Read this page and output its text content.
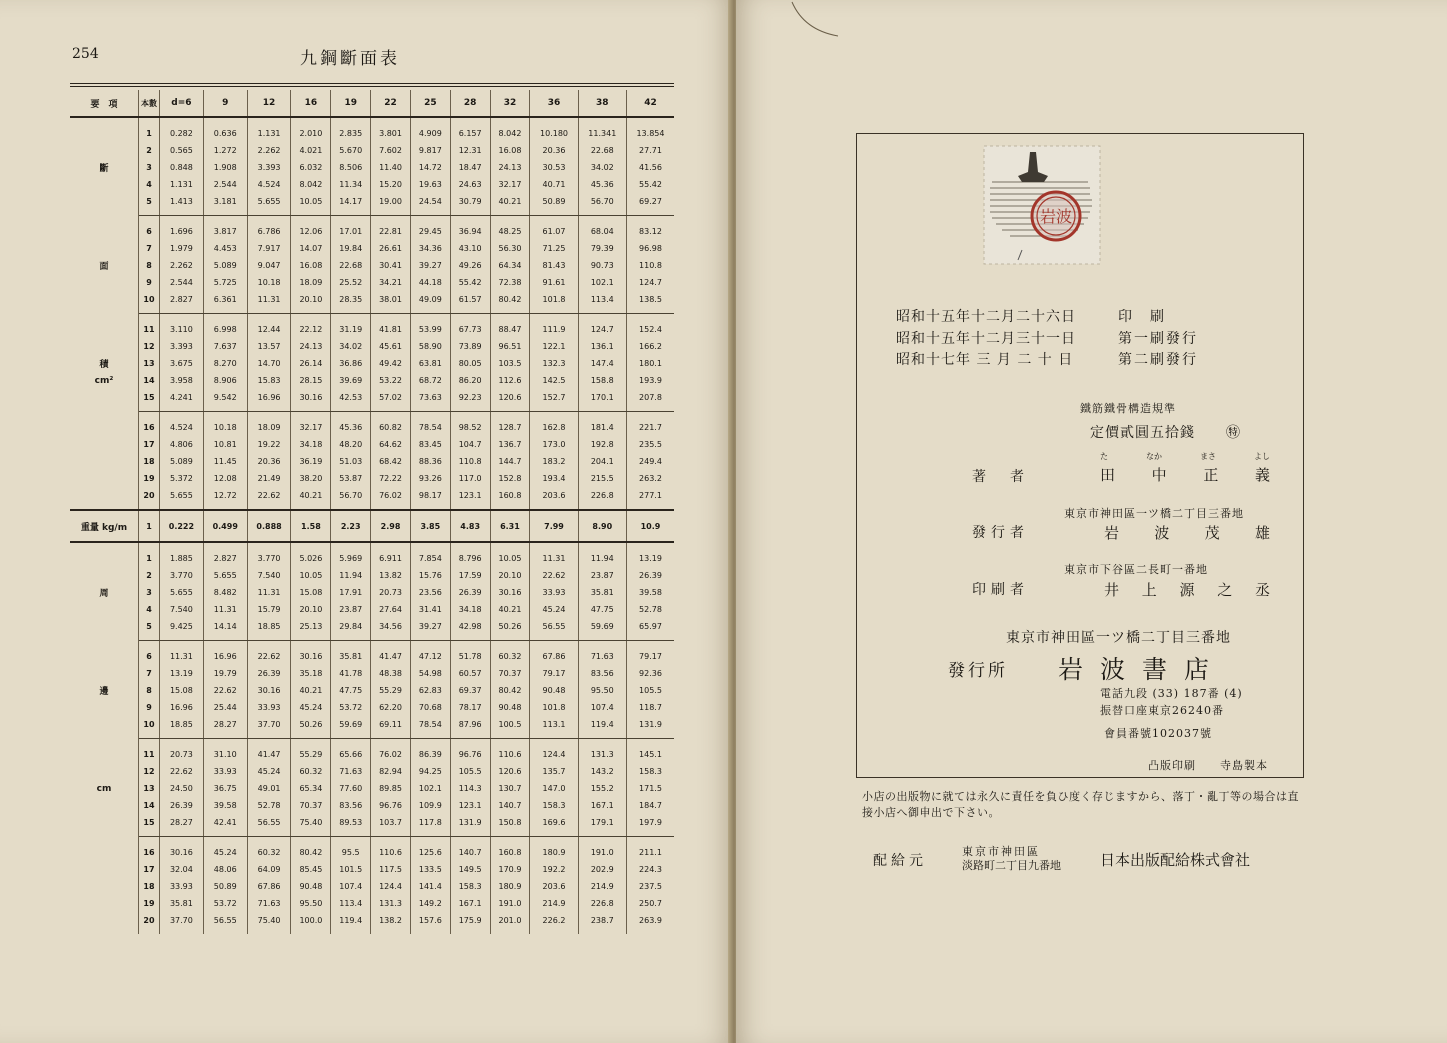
254	九鋼斷面表
要　項	本數	d=6	9	12	16	19	22	25	28	32	36	38	42
	1	0.282	0.636	1.131	2.010	2.835	3.801	4.909	6.157	8.042	10.180	11.341	13.854
	2	0.565	1.272	2.262	4.021	5.670	7.602	9.817	12.31	16.08	20.36	22.68	27.71
斷	3	0.848	1.908	3.393	6.032	8.506	11.40	14.72	18.47	24.13	30.53	34.02	41.56
	4	1.131	2.544	4.524	8.042	11.34	15.20	19.63	24.63	32.17	40.71	45.36	55.42
	5	1.413	3.181	5.655	10.05	14.17	19.00	24.54	30.79	40.21	50.89	56.70	69.27
	6	1.696	3.817	6.786	12.06	17.01	22.81	29.45	36.94	48.25	61.07	68.04	83.12
	7	1.979	4.453	7.917	14.07	19.84	26.61	34.36	43.10	56.30	71.25	79.39	96.98
面	8	2.262	5.089	9.047	16.08	22.68	30.41	39.27	49.26	64.34	81.43	90.73	110.8
	9	2.544	5.725	10.18	18.09	25.52	34.21	44.18	55.42	72.38	91.61	102.1	124.7
	10	2.827	6.361	11.31	20.10	28.35	38.01	49.09	61.57	80.42	101.8	113.4	138.5
	11	3.110	6.998	12.44	22.12	31.19	41.81	53.99	67.73	88.47	111.9	124.7	152.4
	12	3.393	7.637	13.57	24.13	34.02	45.61	58.90	73.89	96.51	122.1	136.1	166.2
積	13	3.675	8.270	14.70	26.14	36.86	49.42	63.81	80.05	103.5	132.3	147.4	180.1
cm²	14	3.958	8.906	15.83	28.15	39.69	53.22	68.72	86.20	112.6	142.5	158.8	193.9
	15	4.241	9.542	16.96	30.16	42.53	57.02	73.63	92.23	120.6	152.7	170.1	207.8
	16	4.524	10.18	18.09	32.17	45.36	60.82	78.54	98.52	128.7	162.8	181.4	221.7
	17	4.806	10.81	19.22	34.18	48.20	64.62	83.45	104.7	136.7	173.0	192.8	235.5
	18	5.089	11.45	20.36	36.19	51.03	68.42	88.36	110.8	144.7	183.2	204.1	249.4
	19	5.372	12.08	21.49	38.20	53.87	72.22	93.26	117.0	152.8	193.4	215.5	263.2
	20	5.655	12.72	22.62	40.21	56.70	76.02	98.17	123.1	160.8	203.6	226.8	277.1
重量 kg/m	1	0.222	0.499	0.888	1.58	2.23	2.98	3.85	4.83	6.31	7.99	8.90	10.9
	1	1.885	2.827	3.770	5.026	5.969	6.911	7.854	8.796	10.05	11.31	11.94	13.19
	2	3.770	5.655	7.540	10.05	11.94	13.82	15.76	17.59	20.10	22.62	23.87	26.39
周	3	5.655	8.482	11.31	15.08	17.91	20.73	23.56	26.39	30.16	33.93	35.81	39.58
	4	7.540	11.31	15.79	20.10	23.87	27.64	31.41	34.18	40.21	45.24	47.75	52.78
	5	9.425	14.14	18.85	25.13	29.84	34.56	39.27	42.98	50.26	56.55	59.69	65.97
	6	11.31	16.96	22.62	30.16	35.81	41.47	47.12	51.78	60.32	67.86	71.63	79.17
	7	13.19	19.79	26.39	35.18	41.78	48.38	54.98	60.57	70.37	79.17	83.56	92.36
邊	8	15.08	22.62	30.16	40.21	47.75	55.29	62.83	69.37	80.42	90.48	95.50	105.5
	9	16.96	25.44	33.93	45.24	53.72	62.20	70.68	78.17	90.48	101.8	107.4	118.7
	10	18.85	28.27	37.70	50.26	59.69	69.11	78.54	87.96	100.5	113.1	119.4	131.9
	11	20.73	31.10	41.47	55.29	65.66	76.02	86.39	96.76	110.6	124.4	131.3	145.1
	12	22.62	33.93	45.24	60.32	71.63	82.94	94.25	105.5	120.6	135.7	143.2	158.3
cm	13	24.50	36.75	49.01	65.34	77.60	89.85	102.1	114.3	130.7	147.0	155.2	171.5
	14	26.39	39.58	52.78	70.37	83.56	96.76	109.9	123.1	140.7	158.3	167.1	184.7
	15	28.27	42.41	56.55	75.40	89.53	103.7	117.8	131.9	150.8	169.6	179.1	197.9
	16	30.16	45.24	60.32	80.42	95.5	110.6	125.6	140.7	160.8	180.9	191.0	211.1
	17	32.04	48.06	64.09	85.45	101.5	117.5	133.5	149.5	170.9	192.2	202.9	224.3
	18	33.93	50.89	67.86	90.48	107.4	124.4	141.4	158.3	180.9	203.6	214.9	237.5
	19	35.81	53.72	71.63	95.50	113.4	131.3	149.2	167.1	191.0	214.9	226.8	250.7
	20	37.70	56.55	75.40	100.0	119.4	138.2	157.6	175.9	201.0	226.2	238.7	263.9
岩波
昭和十五年十二月二十六日	印　刷
昭和十五年十二月三十一日	第一刷發行
昭和十七年 三 月 二 十 日	第二刷發行
鐵筋鐵骨構造規準
定價貳圓五拾錢 ㊕
著　者
た	なか	まさ	よし
田 中 正 義
東京市神田區一ツ橋二丁目三番地
發行者	岩 波 茂 雄
東京市下谷區二長町一番地
印刷者	井 上 源 之 丞
東京市神田區一ツ橋二丁目三番地
發行所 岩波書店
電話九段 (33) 187番 (4)
振替口座東京26240番
會員番號102037號
凸版印刷 寺島製本
小店の出版物に就ては永久に責任を負ひ度く存じますから、落丁・亂丁等の場合は直接小店へ御申出で下さい。
配給元
東京市神田區
淡路町二丁目九番地	日本出版配給株式會社
